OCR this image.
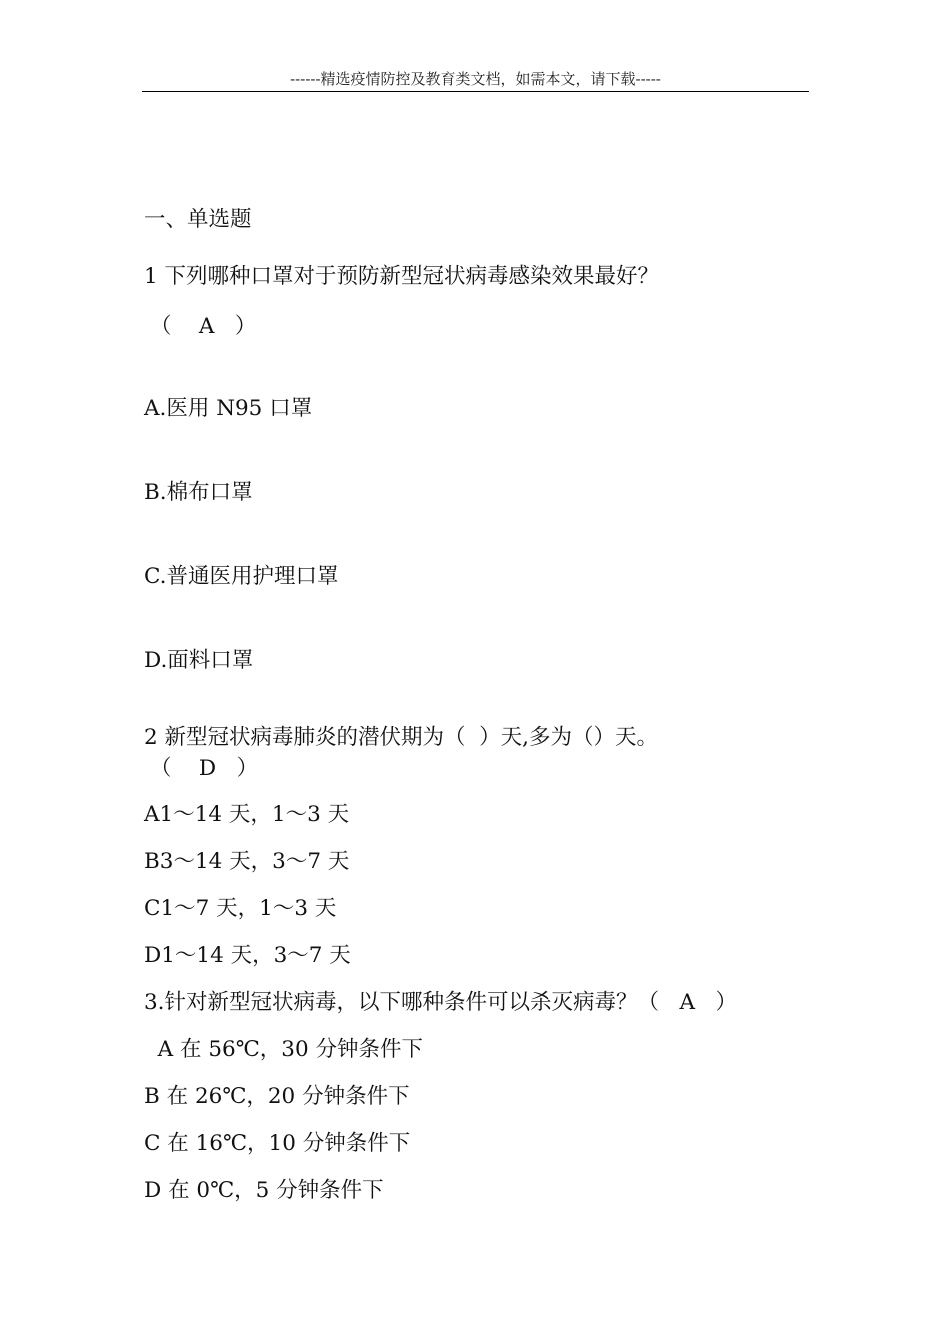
------精选疫情防控及教育类文档，如需本文，请下载-----
一、单选题
1 下列哪种口罩对于预防新型冠状病毒感染效果最好？
（    A   ）
A.医用 N95 口罩
B.棉布口罩
C.普通医用护理口罩
D.面料口罩
2 新型冠状病毒肺炎的潜伏期为（  ）天,多为（）天。
（    D   ）
A1～14 天，1～3 天
B3～14 天，3～7 天
C1～7 天，1～3 天
D1～14 天，3～7 天
3.针对新型冠状病毒，以下哪种条件可以杀灭病毒？（   A   ）
A 在 56℃，30 分钟条件下
B 在 26℃，20 分钟条件下
C 在 16℃，10 分钟条件下
D 在 0℃，5 分钟条件下
